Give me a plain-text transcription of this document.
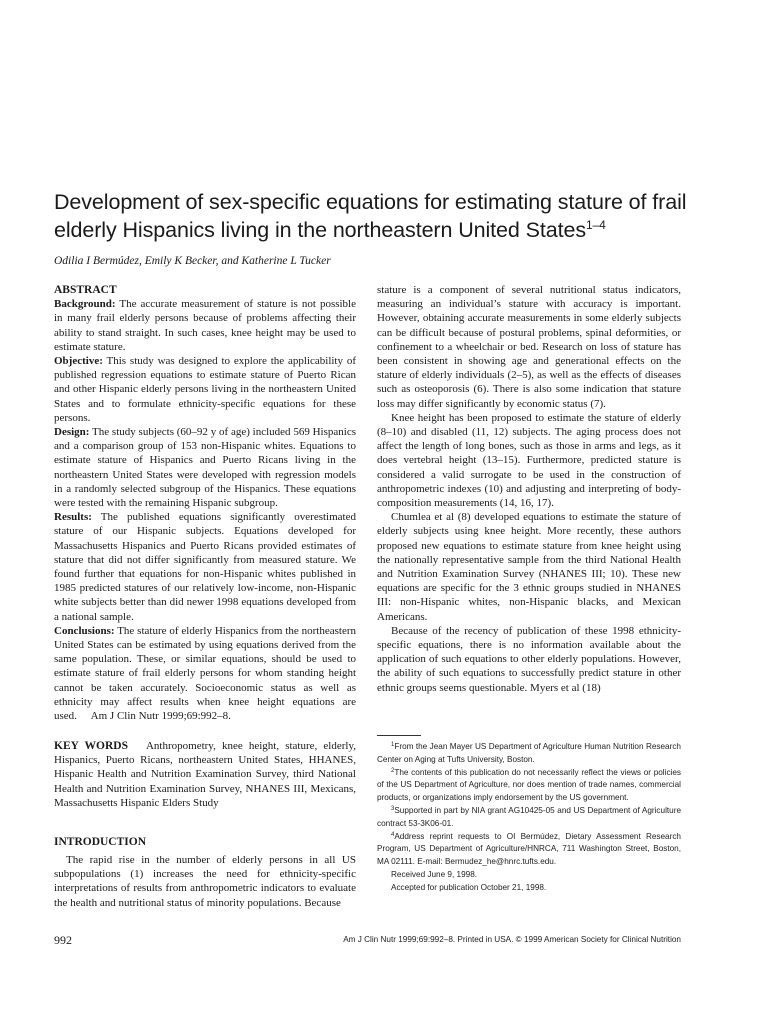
Development of sex-specific equations for estimating stature of frail elderly Hispanics living in the northeastern United States$^{1-4}$
Odilia I Bermúdez, Emily K Becker, and Katherine L Tucker
ABSTRACT

Background: The accurate measurement of stature is not possible in many frail elderly persons because of problems affecting their ability to stand straight. In such cases, knee height may be used to estimate stature.

Objective: This study was designed to explore the applicability of published regression equations to estimate stature of Puerto Rican and other Hispanic elderly persons living in the northeastern United States and to formulate ethnicity-specific equations for these persons.

Design: The study subjects (60–92 y of age) included 569 Hispanics and a comparison group of 153 non-Hispanic whites. Equations to estimate stature of Hispanics and Puerto Ricans living in the northeastern United States were developed with regression models in a randomly selected subgroup of the Hispanics. These equations were tested with the remaining Hispanic subgroup.

Results: The published equations significantly overestimated stature of our Hispanic subjects. Equations developed for Massachusetts Hispanics and Puerto Ricans provided estimates of stature that did not differ significantly from measured stature. We found further that equations for non-Hispanic whites published in 1985 predicted statures of our relatively low-income, non-Hispanic white subjects better than did newer 1998 equations developed from a national sample.

Conclusions: The stature of elderly Hispanics from the northeastern United States can be estimated by using equations derived from the same population. These, or similar equations, should be used to estimate stature of frail elderly persons for whom standing height cannot be taken accurately. Socioeconomic status as well as ethnicity may affect results when knee height equations are used. Am J Clin Nutr 1999;69:992–8.

KEY WORDS Anthropometry, knee height, stature, elderly, Hispanics, Puerto Ricans, northeastern United States, HHANES, Hispanic Health and Nutrition Examination Survey, third National Health and Nutrition Examination Survey, NHANES III, Mexicans, Massachusetts Hispanic Elders Study
INTRODUCTION

The rapid rise in the number of elderly persons in all US subpopulations (1) increases the need for ethnicity-specific interpretations of results from anthropometric indicators to evaluate the health and nutritional status of minority populations. Because

stature is a component of several nutritional status indicators, measuring an individual’s stature with accuracy is important. However, obtaining accurate measurements in some elderly subjects can be difficult because of postural problems, spinal deformities, or confinement to a wheelchair or bed. Research on loss of stature has been consistent in showing age and generational effects on the stature of elderly individuals (2–5), as well as the effects of diseases such as osteoporosis (6). There is also some indication that stature loss may differ significantly by economic status (7).

Knee height has been proposed to estimate the stature of elderly (8–10) and disabled (11, 12) subjects. The aging process does not affect the length of long bones, such as those in arms and legs, as it does vertebral height (13–15). Furthermore, predicted stature is considered a valid surrogate to be used in the construction of anthropometric indexes (10) and adjusting and interpreting of body-composition measurements (14, 16, 17).

Chumlea et al (8) developed equations to estimate the stature of elderly subjects using knee height. More recently, these authors proposed new equations to estimate stature from knee height using the nationally representative sample from the third National Health and Nutrition Examination Survey (NHANES III; 10). These new equations are specific for the 3 ethnic groups studied in NHANES III: non-Hispanic whites, non-Hispanic blacks, and Mexican Americans.

Because of the recency of publication of these 1998 ethnicity-specific equations, there is no information available about the application of such equations to other elderly populations. However, the ability of such equations to successfully predict stature in other ethnic groups seems questionable. Myers et al (18)

$^1$From the Jean Mayer US Department of Agriculture Human Nutrition Research Center on Aging at Tufts University, Boston.

$^2$The contents of this publication do not necessarily reflect the views or policies of the US Department of Agriculture, nor does mention of trade names, commercial products, or organizations imply endorsement by the US government.

$^3$Supported in part by NIA grant AG10425-05 and US Department of Agriculture contract 53-3K06-01.

$^4$Address reprint requests to OI Bermúdez, Dietary Assessment Research Program, US Department of Agriculture/HNRCA, 711 Washington Street, Boston, MA 02111. E-mail: Bermudez_he@hnrc.tufts.edu.

Received June 9, 1998.

Accepted for publication October 21, 1998.

992	Am J Clin Nutr 1999;69:992–8. Printed in USA. © 1999 American Society for Clinical Nutrition
